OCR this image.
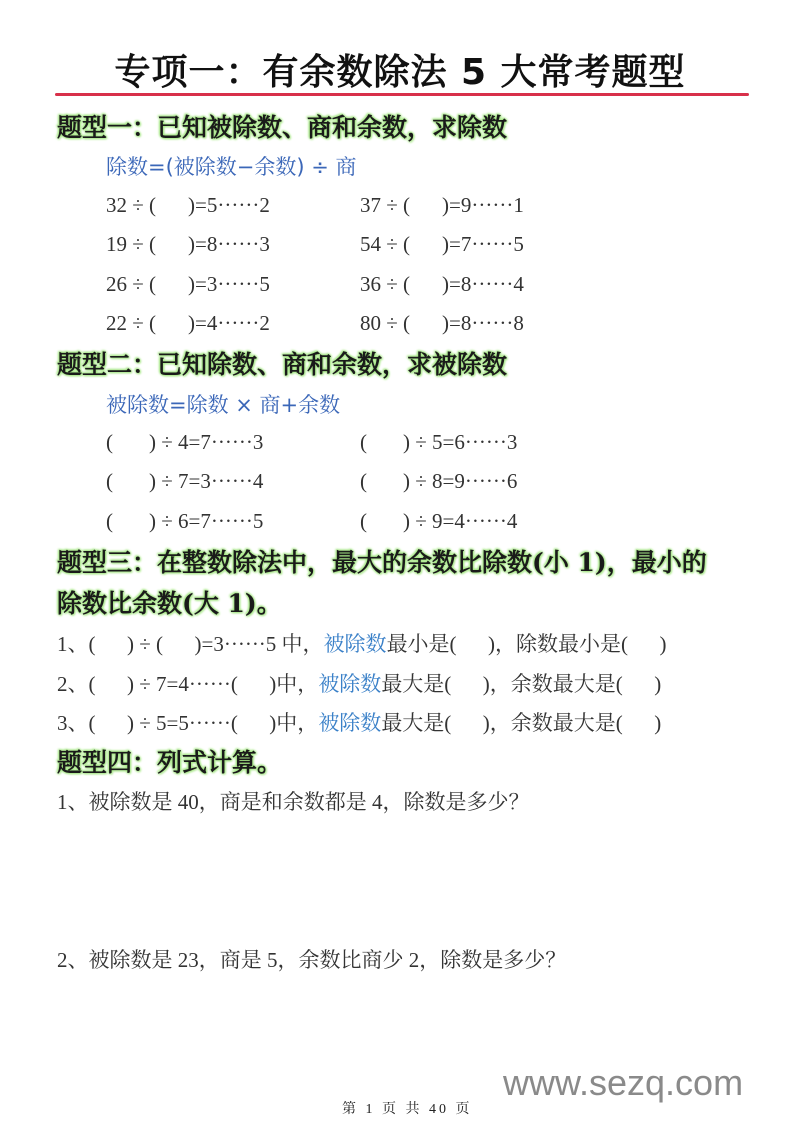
专项一：有余数除法 5 大常考题型
题型一：已知被除数、商和余数，求除数
除数=(被除数−余数) ÷ 商
32 ÷ ( )=5······2	37 ÷ ( )=9······1
19 ÷ ( )=8······3	54 ÷ ( )=7······5
26 ÷ ( )=3······5	36 ÷ ( )=8······4
22 ÷ ( )=4······2	80 ÷ ( )=8······8
题型二：已知除数、商和余数，求被除数
被除数=除数 × 商+余数
( ) ÷ 4=7······3	( ) ÷ 5=6······3
( ) ÷ 7=3······4	( ) ÷ 8=9······6
( ) ÷ 6=7······5	( ) ÷ 9=4······4
题型三：在整数除法中，最大的余数比除数(小 1)，最小的
除数比余数(大 1)。
1、(      ) ÷ (      )=3······5 中，被除数最小是(      )，除数最小是(      )
2、(      ) ÷ 7=4······(      )中，被除数最大是(      )，余数最大是(      )
3、(      ) ÷ 5=5······(      )中，被除数最大是(      )，余数最大是(      )
题型四：列式计算。
1、被除数是 40，商是和余数都是 4，除数是多少？
2、被除数是 23，商是 5，余数比商少 2，除数是多少？
www.sezq.com
第 1 页 共 40 页
